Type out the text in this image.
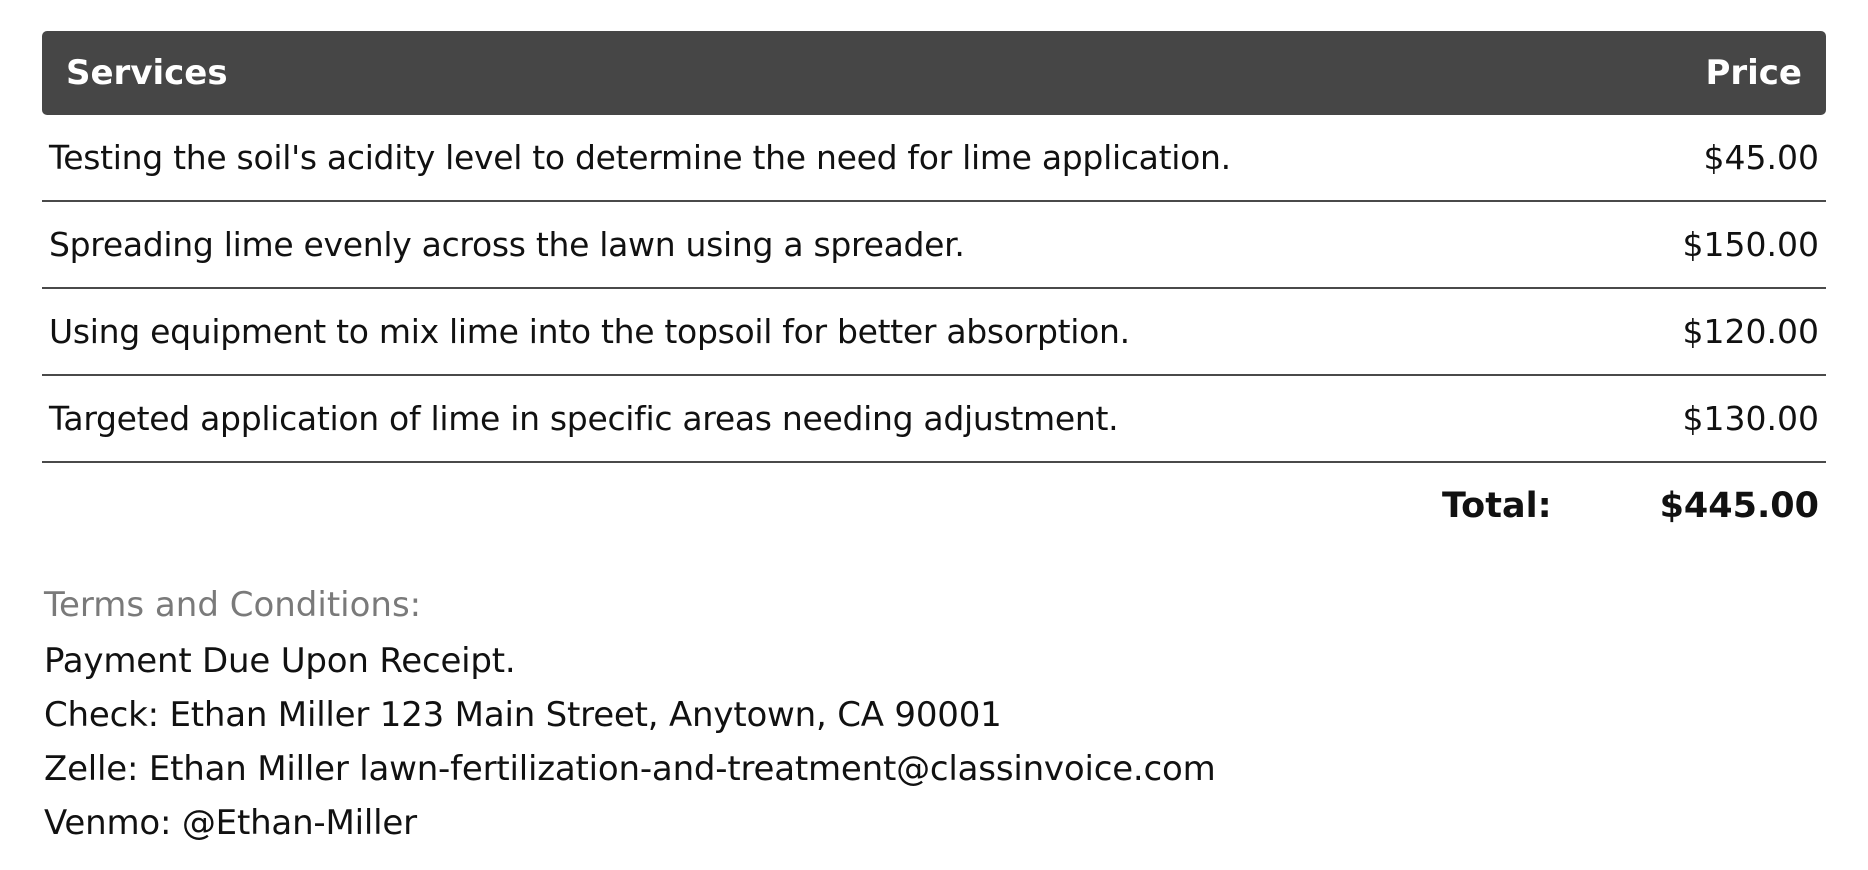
Services	Price
Testing the soil's acidity level to determine the need for lime application.	$45.00
Spreading lime evenly across the lawn using a spreader.	$150.00
Using equipment to mix lime into the topsoil for better absorption.	$120.00
Targeted application of lime in specific areas needing adjustment.	$130.00
Total:	$445.00
Terms and Conditions:
Payment Due Upon Receipt.
Check: Ethan Miller 123 Main Street, Anytown, CA 90001
Zelle: Ethan Miller lawn-fertilization-and-treatment@classinvoice.com
Venmo: @Ethan-Miller
